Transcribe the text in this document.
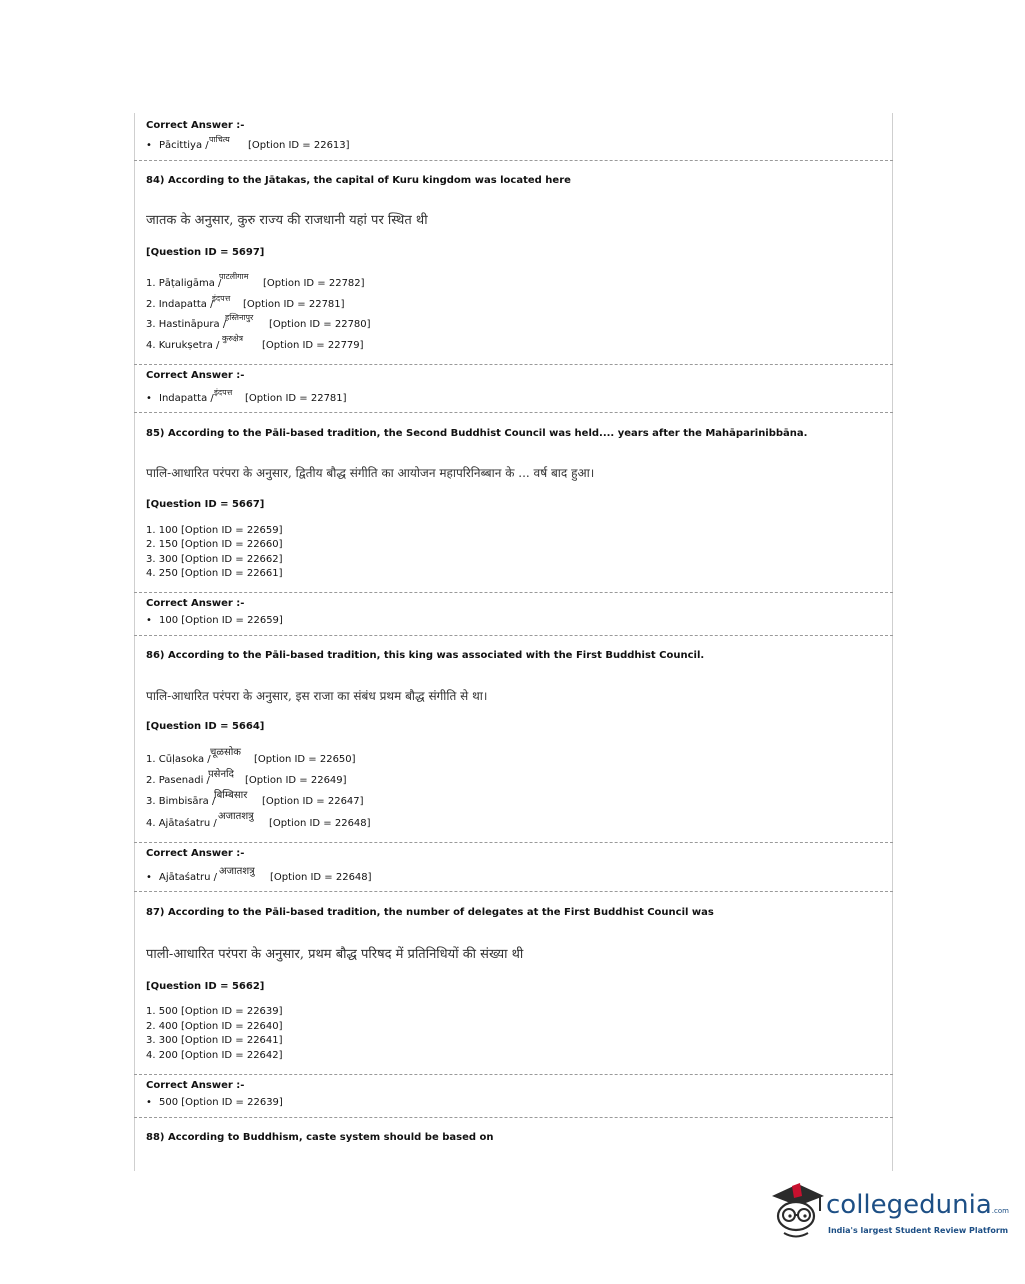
Correct Answer :-
• Pācittiya /
पाचित्य
[Option ID = 22613]
84) According to the Jātakas, the capital of Kuru kingdom was located here
जातक के अनुसार, कुरु राज्य की राजधानी यहां पर स्थित थी
[Question ID = 5697]
1. Pāṭaligāma /
पाटलीगाम
[Option ID = 22782]
2. Indapatta /
इंदपत्त
[Option ID = 22781]
3. Hastināpura /
हस्तिनापुर
[Option ID = 22780]
4. Kurukṣetra /
कुरुक्षेत्र
[Option ID = 22779]
Correct Answer :-
• Indapatta /
इंदपत्त
[Option ID = 22781]
85) According to the Pāli-based tradition, the Second Buddhist Council was held.... years after the Mahāparinibbāna.
पालि-आधारित परंपरा के अनुसार, द्वितीय बौद्ध संगीति का आयोजन महापरिनिब्बान के ... वर्ष बाद हुआ।
[Question ID = 5667]
1. 100 [Option ID = 22659]
2. 150 [Option ID = 22660]
3. 300 [Option ID = 22662]
4. 250 [Option ID = 22661]
Correct Answer :-
• 100 [Option ID = 22659]
86) According to the Pāli-based tradition, this king was associated with the First Buddhist Council.
पालि-आधारित परंपरा के अनुसार, इस राजा का संबंध प्रथम बौद्ध संगीति से था।
[Question ID = 5664]
1. Cūḷasoka /
चूळसोक
[Option ID = 22650]
2. Pasenadi /
पसेनदि
[Option ID = 22649]
3. Bimbisāra /
बिम्बिसार
[Option ID = 22647]
4. Ajātaśatru /
अजातशत्रु
[Option ID = 22648]
Correct Answer :-
• Ajātaśatru /
अजातशत्रु
[Option ID = 22648]
87) According to the Pāli-based tradition, the number of delegates at the First Buddhist Council was
पाली-आधारित परंपरा के अनुसार, प्रथम बौद्ध परिषद में प्रतिनिधियों की संख्या थी
[Question ID = 5662]
1. 500 [Option ID = 22639]
2. 400 [Option ID = 22640]
3. 300 [Option ID = 22641]
4. 200 [Option ID = 22642]
Correct Answer :-
• 500 [Option ID = 22639]
88) According to Buddhism, caste system should be based on
collegedunia.com
India's largest Student Review Platform
